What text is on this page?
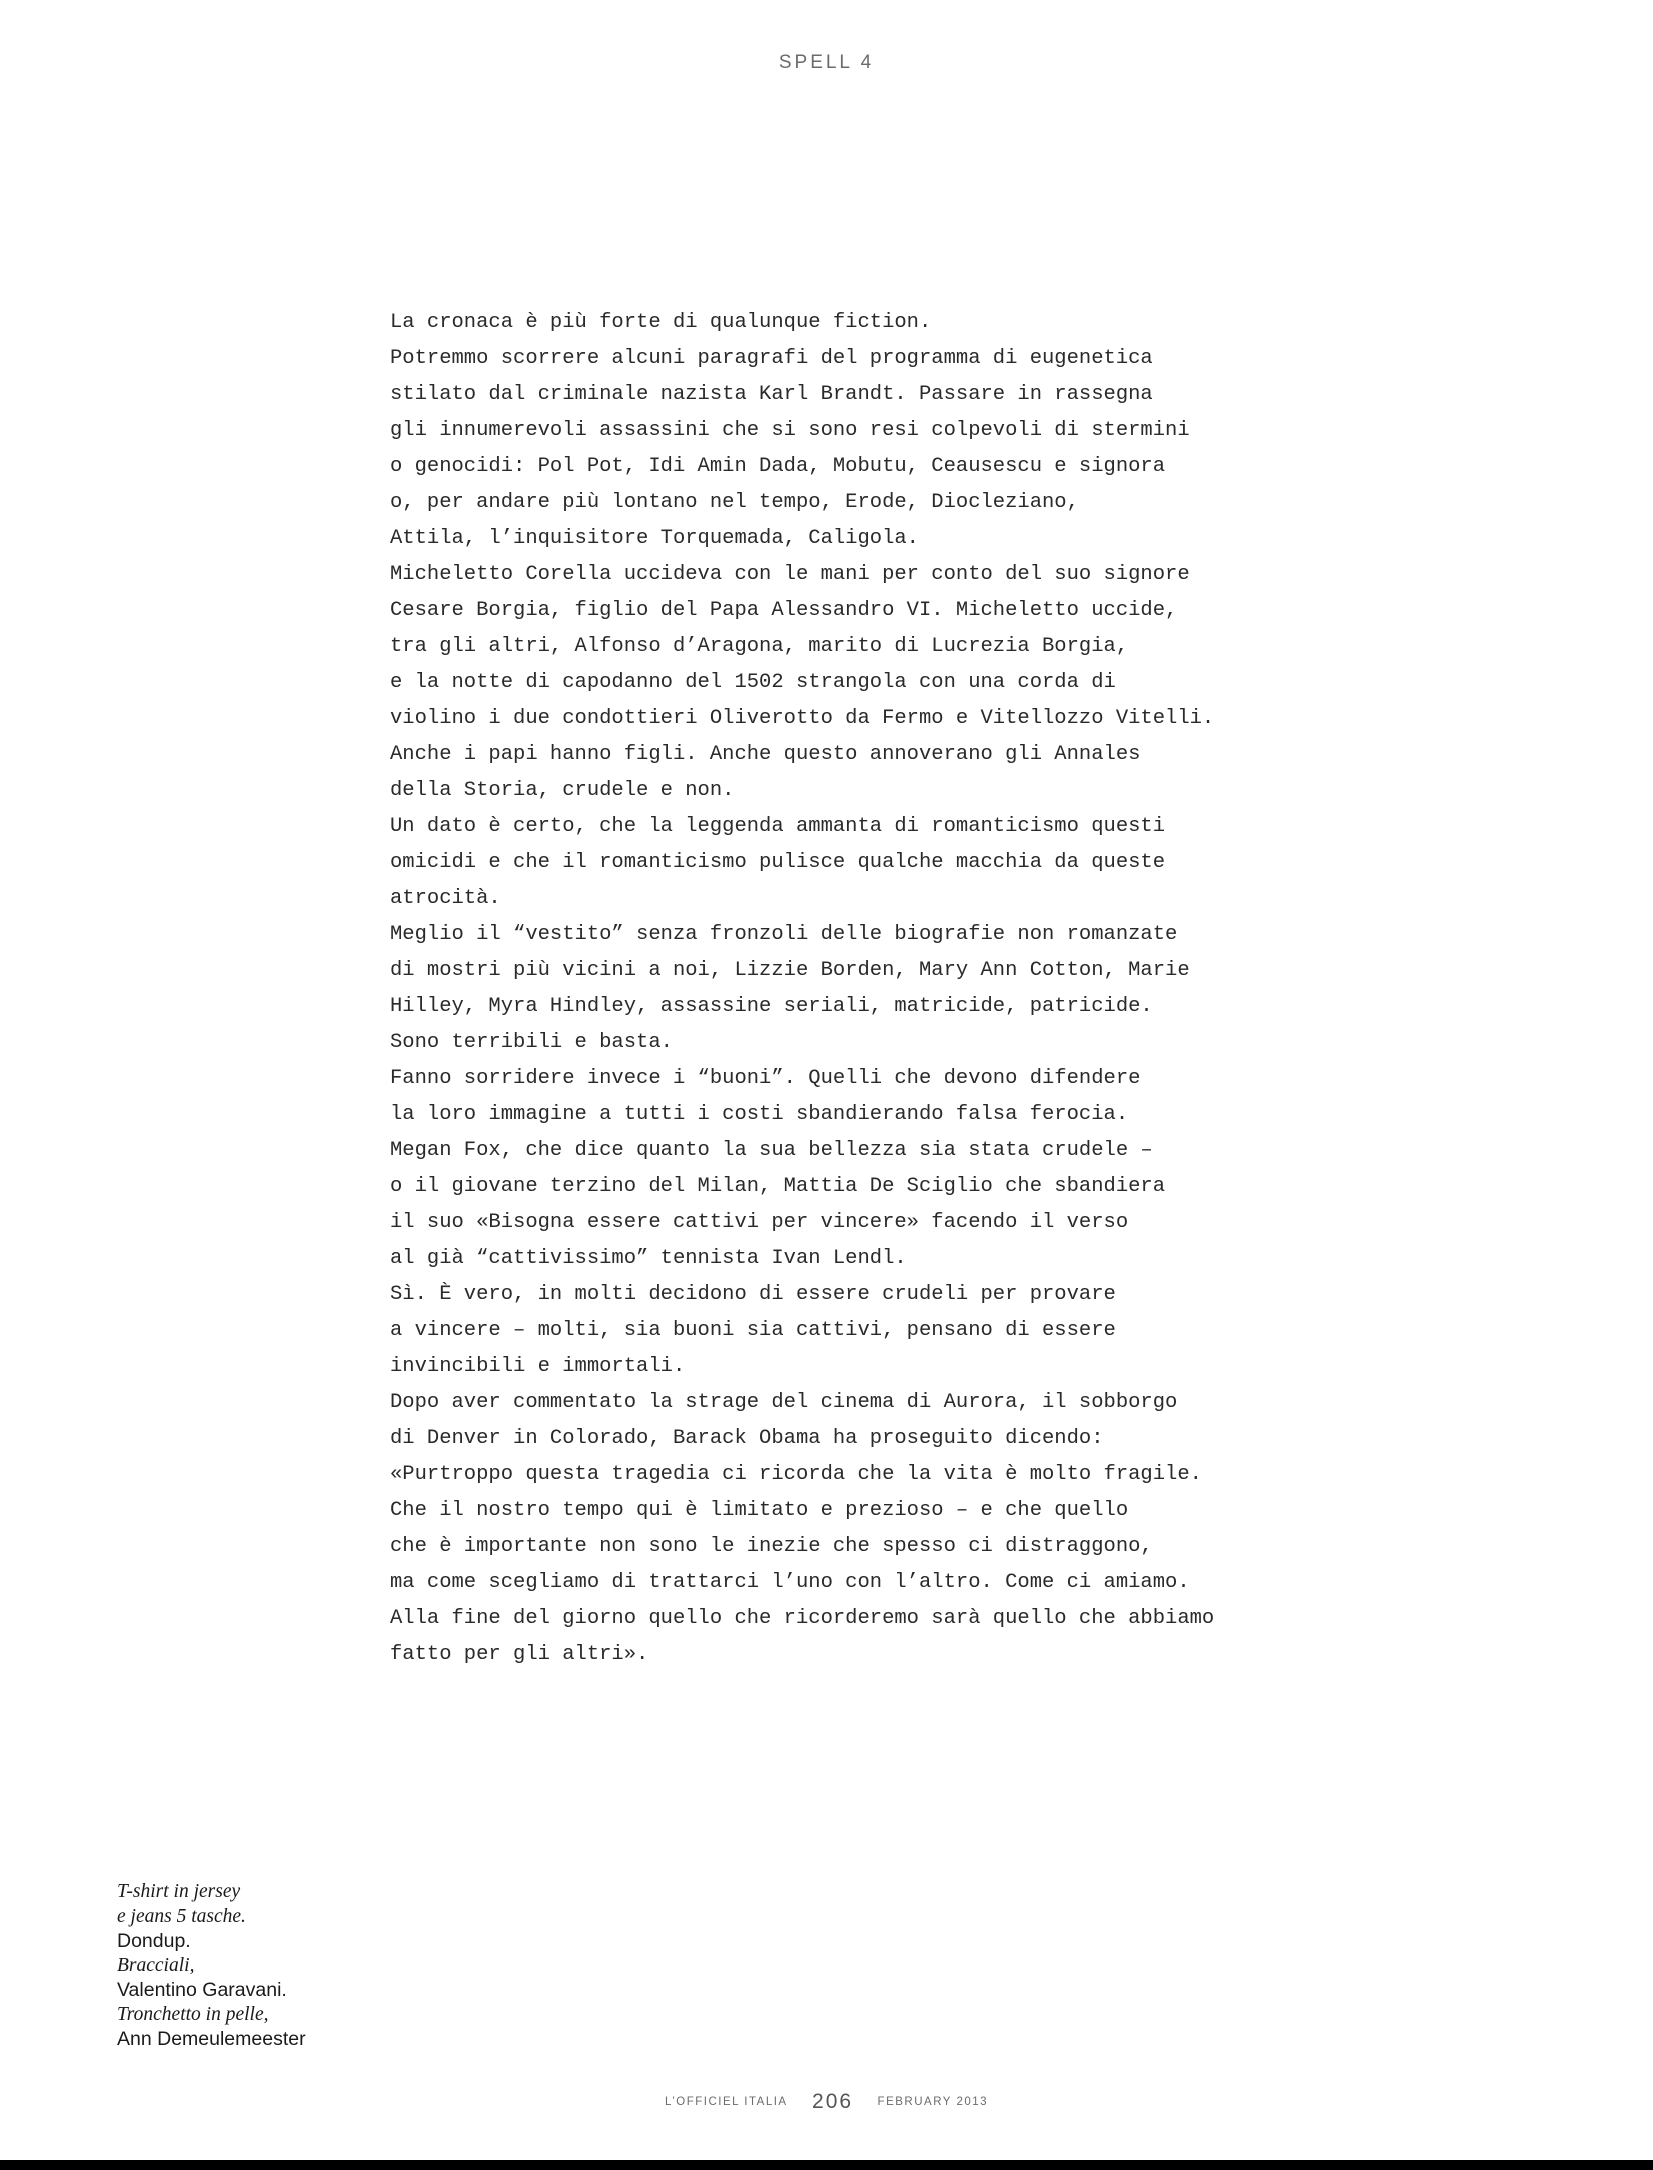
SPELL 4
La cronaca è più forte di qualunque fiction.
Potremmo scorrere alcuni paragrafi del programma di eugenetica
stilato dal criminale nazista Karl Brandt. Passare in rassegna
gli innumerevoli assassini che si sono resi colpevoli di stermini
o genocidi: Pol Pot, Idi Amin Dada, Mobutu, Ceausescu e signora
o, per andare più lontano nel tempo, Erode, Diocleziano,
Attila, l’inquisitore Torquemada, Caligola.
Micheletto Corella uccideva con le mani per conto del suo signore
Cesare Borgia, figlio del Papa Alessandro VI. Micheletto uccide,
tra gli altri, Alfonso d’Aragona, marito di Lucrezia Borgia,
e la notte di capodanno del 1502 strangola con una corda di
violino i due condottieri Oliverotto da Fermo e Vitellozzo Vitelli.
Anche i papi hanno figli. Anche questo annoverano gli Annales
della Storia, crudele e non.
Un dato è certo, che la leggenda ammanta di romanticismo questi
omicidi e che il romanticismo pulisce qualche macchia da queste
atrocità.
Meglio il “vestito” senza fronzoli delle biografie non romanzate
di mostri più vicini a noi, Lizzie Borden, Mary Ann Cotton, Marie
Hilley, Myra Hindley, assassine seriali, matricide, patricide.
Sono terribili e basta.
Fanno sorridere invece i “buoni”. Quelli che devono difendere
la loro immagine a tutti i costi sbandierando falsa ferocia.
Megan Fox, che dice quanto la sua bellezza sia stata crudele –
o il giovane terzino del Milan, Mattia De Sciglio che sbandiera
il suo «Bisogna essere cattivi per vincere» facendo il verso
al già “cattivissimo” tennista Ivan Lendl.
Sì. È vero, in molti decidono di essere crudeli per provare
a vincere – molti, sia buoni sia cattivi, pensano di essere
invincibili e immortali.
Dopo aver commentato la strage del cinema di Aurora, il sobborgo
di Denver in Colorado, Barack Obama ha proseguito dicendo:
«Purtroppo questa tragedia ci ricorda che la vita è molto fragile.
Che il nostro tempo qui è limitato e prezioso – e che quello
che è importante non sono le inezie che spesso ci distraggono,
ma come scegliamo di trattarci l’uno con l’altro. Come ci amiamo.
Alla fine del giorno quello che ricorderemo sarà quello che abbiamo
fatto per gli altri».
T-shirt in jersey
e jeans 5 tasche.
Dondup.
Bracciali,
Valentino Garavani.
Tronchetto in pelle,
Ann Demeulemeester
L’OFFICIEL ITALIA 206 FEBRUARY 2013
